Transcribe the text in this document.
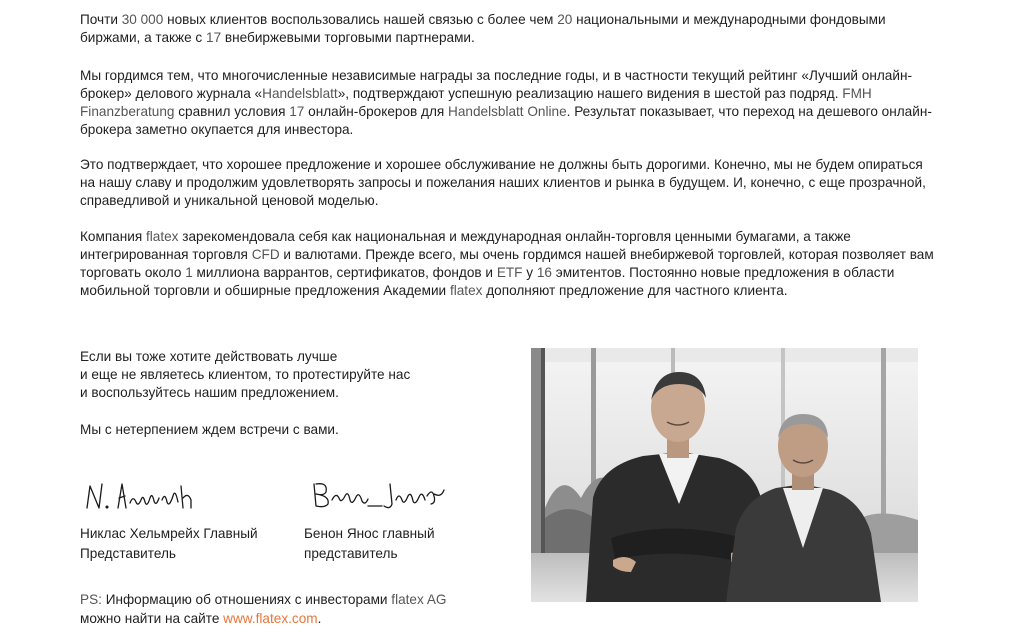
Почти 30 000 новых клиентов воспользовались нашей связью с более чем 20 национальными и международными фондовыми биржами, а также с 17 внебиржевыми торговыми партнерами.

Мы гордимся тем, что многочисленные независимые награды за последние годы, и в частности текущий рейтинг «Лучший онлайн-брокер» делового журнала «Handelsblatt», подтверждают успешную реализацию нашего видения в шестой раз подряд. FMH Finanzberatung сравнил условия 17 онлайн-брокеров для Handelsblatt Online. Результат показывает, что переход на дешевого онлайн-брокера заметно окупается для инвестора.

Это подтверждает, что хорошее предложение и хорошее обслуживание не должны быть дорогими. Конечно, мы не будем опираться на нашу славу и продолжим удовлетворять запросы и пожелания наших клиентов и рынка в будущем. И, конечно, с еще прозрачной, справедливой и уникальной ценовой моделью.

Компания flatex зарекомендовала себя как национальная и международная онлайн-торговля ценными бумагами, а также интегрированная торговля CFD и валютами. Прежде всего, мы очень гордимся нашей внебиржевой торговлей, которая позволяет вам торговать около 1 миллиона варрантов, сертификатов, фондов и ETF у 16 эмитентов. Постоянно новые предложения в области мобильной торговли и обширные предложения Академии flatex дополняют предложение для частного клиента.

Если вы тоже хотите действовать лучше
и еще не являетесь клиентом, то протестируйте нас
и воспользуйтесь нашим предложением.
Мы с нетерпением ждем встречи с вами.
Никлас Хельмрейх Главный
Представитель
Бенон Янос главный
представитель
PS: Информацию об отношениях с инвесторами flatex AG
можно найти на сайте www.flatex.com.
